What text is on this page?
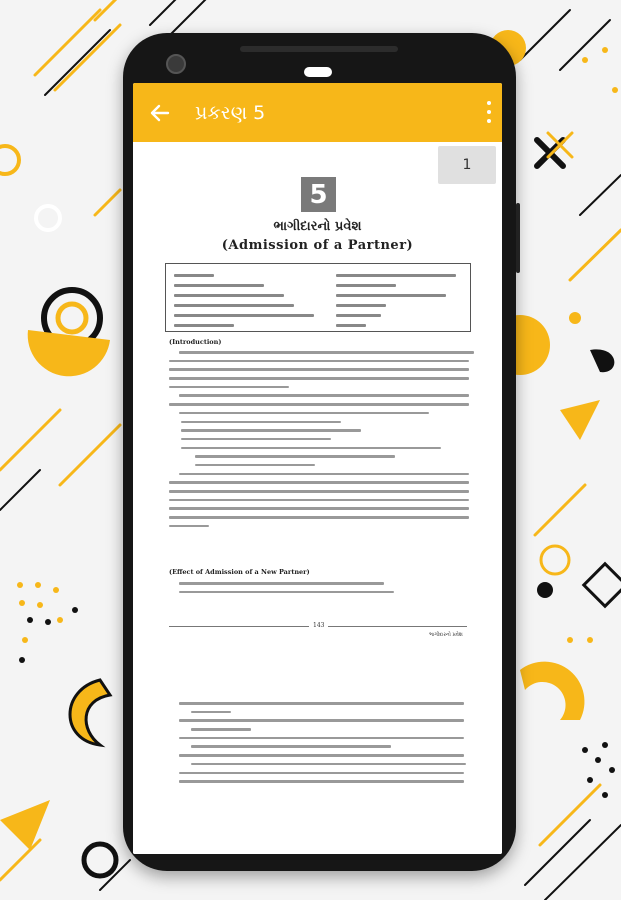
પ્રકરણ 5
1
5
ભાગીદારનો પ્રવેશ
(Admission of a Partner)
(Introduction)
(Effect of Admission of a New Partner)
143
ભાગીદારનો પ્રવેશ
